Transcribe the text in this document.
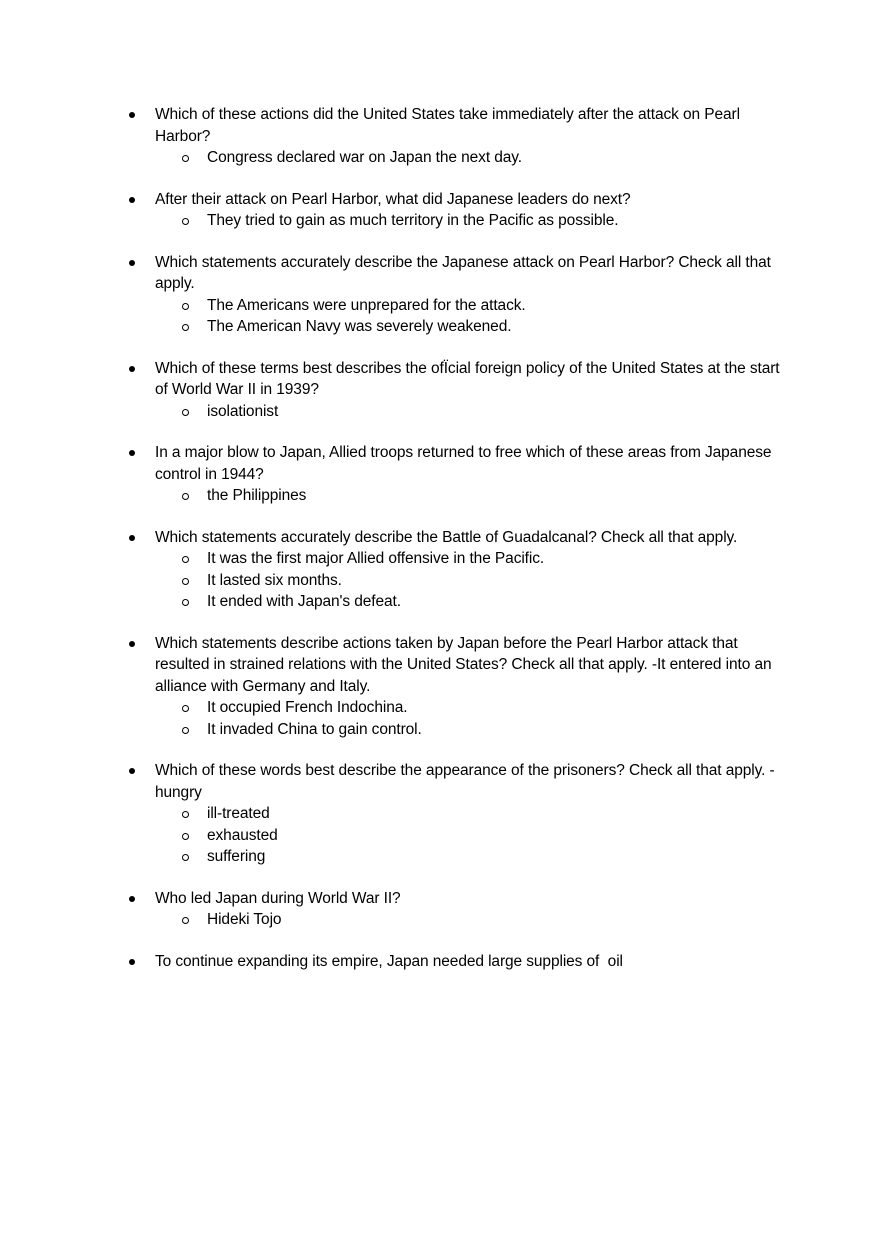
Which of these actions did the United States take immediately after the attack on Pearl Harbor?
Congress declared war on Japan the next day.
After their attack on Pearl Harbor, what did Japanese leaders do next?
They tried to gain as much territory in the Pacific as possible.
Which statements accurately describe the Japanese attack on Pearl Harbor? Check all that apply.
The Americans were unprepared for the attack.
The American Navy was severely weakened.
Which of these terms best describes the ofÏcial foreign policy of the United States at the start of World War II in 1939?
isolationist
In a major blow to Japan, Allied troops returned to free which of these areas from Japanese control in 1944?
the Philippines
Which statements accurately describe the Battle of Guadalcanal? Check all that apply.
It was the first major Allied offensive in the Pacific.
It lasted six months.
It ended with Japan's defeat.
Which statements describe actions taken by Japan before the Pearl Harbor attack that resulted in strained relations with the United States? Check all that apply. -It entered into an alliance with Germany and Italy.
It occupied French Indochina.
It invaded China to gain control.
Which of these words best describe the appearance of the prisoners? Check all that apply. -hungry
ill-treated
exhausted
suffering
Who led Japan during World War II?
Hideki Tojo
To continue expanding its empire, Japan needed large supplies of  oil
